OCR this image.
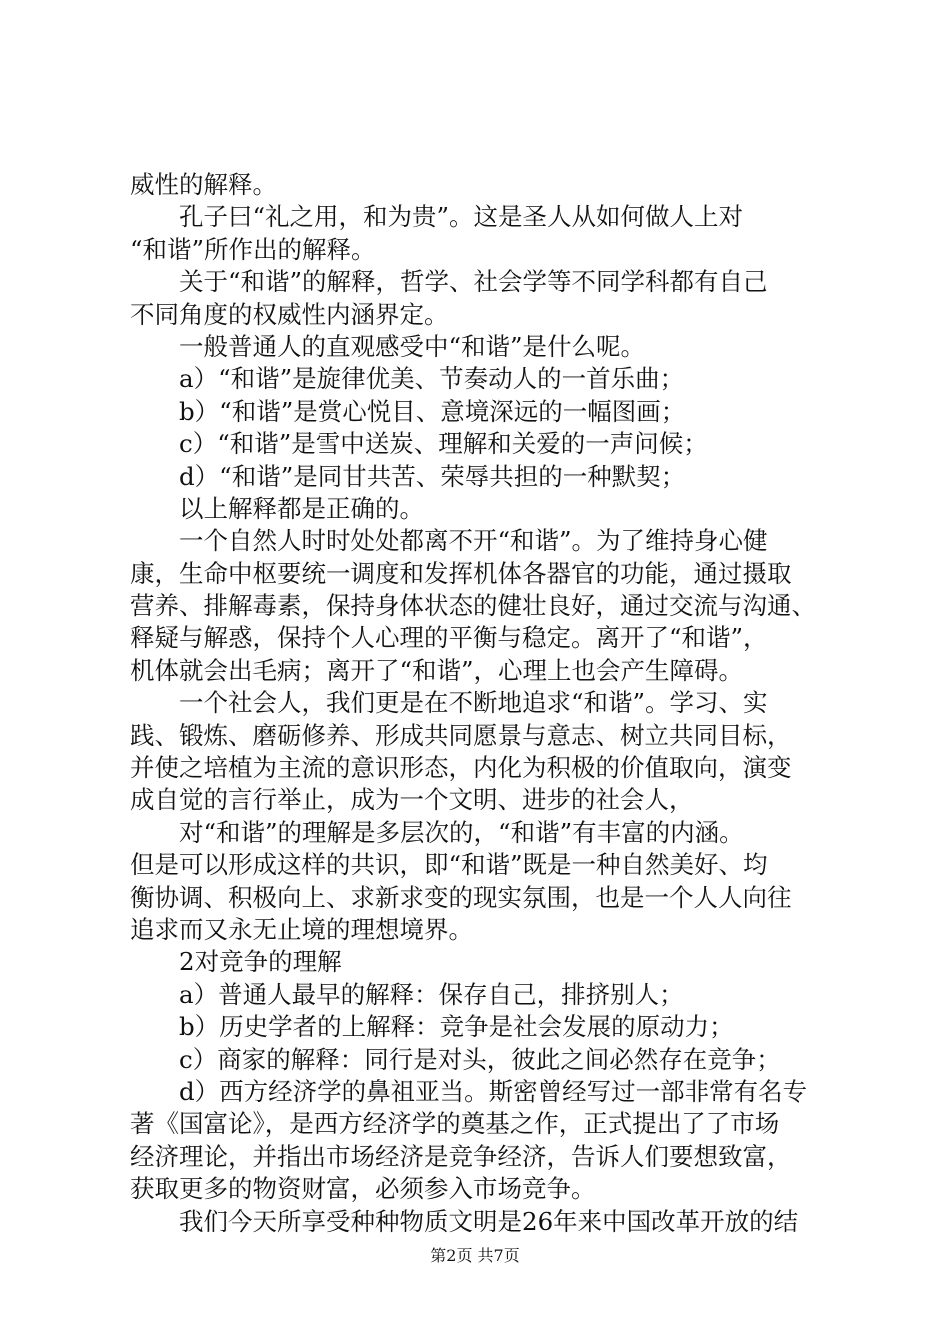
威性的解释。
孔子曰“礼之用，和为贵”。这是圣人从如何做人上对
“和谐”所作出的解释。
关于“和谐”的解释，哲学、社会学等不同学科都有自己
不同角度的权威性内涵界定。
一般普通人的直观感受中“和谐”是什么呢。
a）“和谐”是旋律优美、节奏动人的一首乐曲；
b）“和谐”是赏心悦目、意境深远的一幅图画；
c）“和谐”是雪中送炭、理解和关爱的一声问候；
d）“和谐”是同甘共苦、荣辱共担的一种默契；
以上解释都是正确的。
一个自然人时时处处都离不开“和谐”。为了维持身心健
康，生命中枢要统一调度和发挥机体各器官的功能，通过摄取
营养、排解毒素，保持身体状态的健壮良好，通过交流与沟通、
释疑与解惑，保持个人心理的平衡与稳定。离开了“和谐”，
机体就会出毛病；离开了“和谐”，心理上也会产生障碍。
一个社会人，我们更是在不断地追求“和谐”。学习、实
践、锻炼、磨砺修养、形成共同愿景与意志、树立共同目标，
并使之培植为主流的意识形态，内化为积极的价值取向，演变
成自觉的言行举止，成为一个文明、进步的社会人，
对“和谐”的理解是多层次的，“和谐”有丰富的内涵。
但是可以形成这样的共识，即“和谐”既是一种自然美好、均
衡协调、积极向上、求新求变的现实氛围，也是一个人人向往
追求而又永无止境的理想境界。
2对竞争的理解
a）普通人最早的解释：保存自己，排挤别人；
b）历史学者的上解释：竞争是社会发展的原动力；
c）商家的解释：同行是对头，彼此之间必然存在竞争；
d）西方经济学的鼻祖亚当。斯密曾经写过一部非常有名专
著《国富论》，是西方经济学的奠基之作，正式提出了了市场
经济理论，并指出市场经济是竞争经济，告诉人们要想致富，
获取更多的物资财富，必须参入市场竞争。
我们今天所享受种种物质文明是26年来中国改革开放的结
第2页 共7页
